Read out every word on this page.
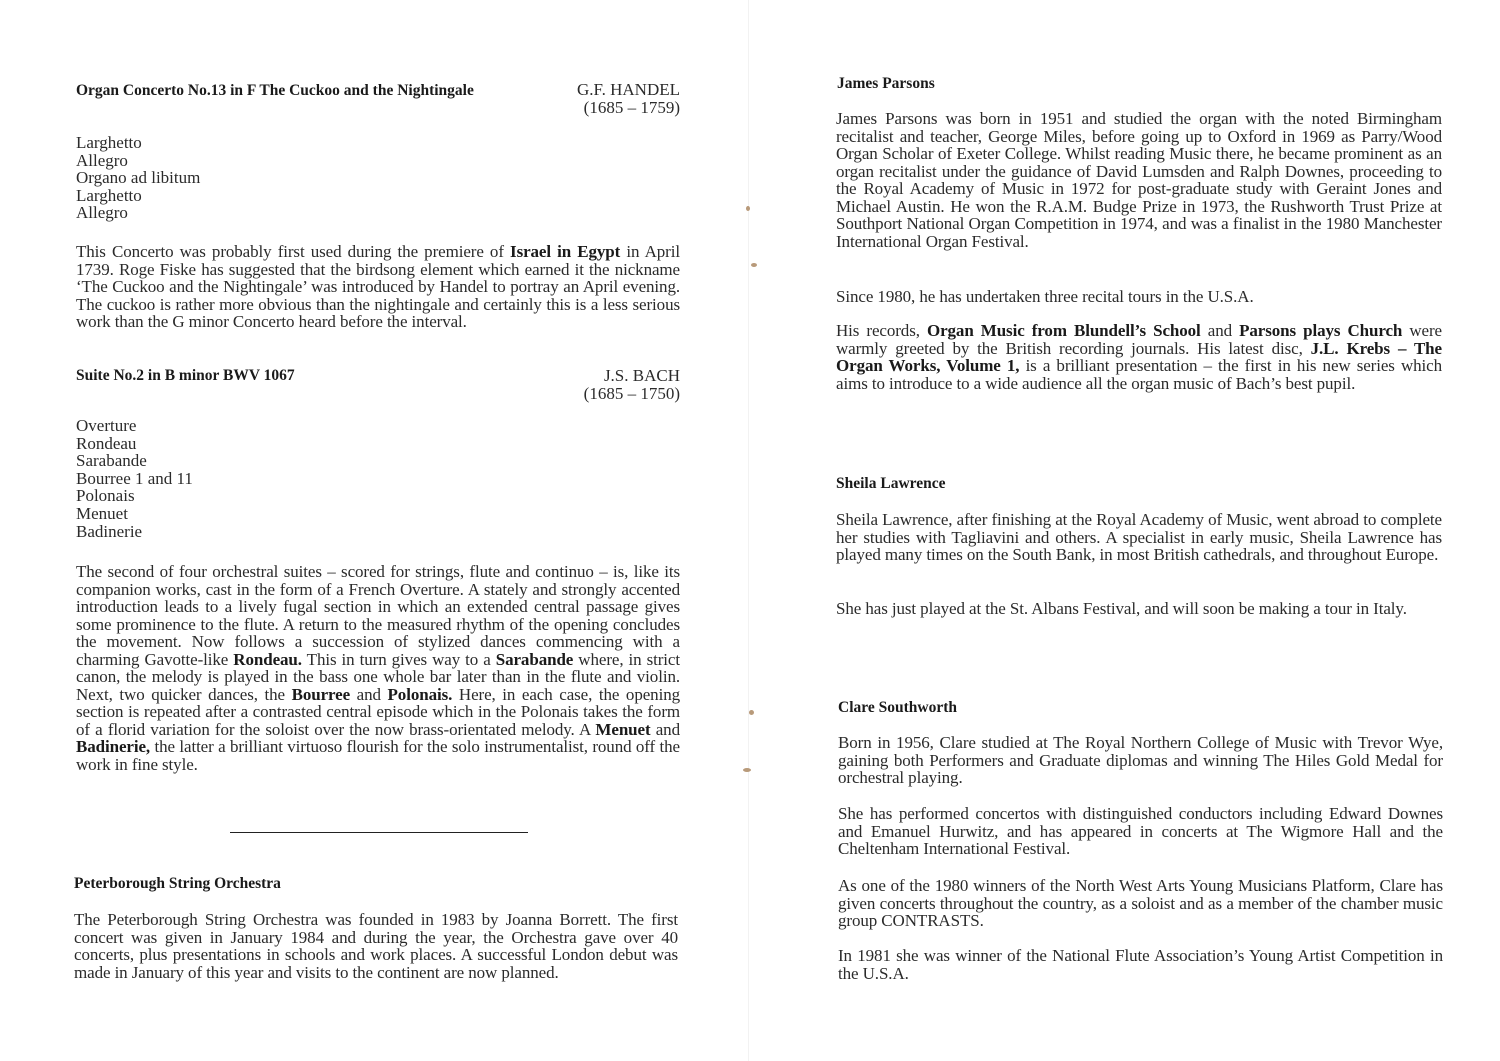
Organ Concerto No.13 in F The Cuckoo and the Nightingale	G.F. HANDEL
(1685 – 1759)
Larghetto
Allegro
Organo ad libitum
Larghetto
Allegro
This Concerto was probably first used during the premiere of Israel in Egypt in April 1739. Roge Fiske has suggested that the birdsong element which earned it the nickname ‘The Cuckoo and the Nightingale’ was introduced by Handel to portray an April evening. The cuckoo is rather more obvious than the nightingale and certainly this is a less serious work than the G minor Concerto heard before the interval.
Suite No.2 in B minor BWV 1067	J.S. BACH
(1685 – 1750)
Overture
Rondeau
Sarabande
Bourree 1 and 11
Polonais
Menuet
Badinerie
The second of four orchestral suites – scored for strings, flute and continuo – is, like its companion works, cast in the form of a French Overture. A stately and strongly accented introduction leads to a lively fugal section in which an extended central passage gives some prominence to the flute. A return to the measured rhythm of the opening concludes the movement. Now follows a succession of stylized dances commencing with a charming Gavotte-like Rondeau. This in turn gives way to a Sarabande where, in strict canon, the melody is played in the bass one whole bar later than in the flute and violin. Next, two quicker dances, the Bourree and Polonais. Here, in each case, the opening section is repeated after a contrasted central episode which in the Polonais takes the form of a florid variation for the soloist over the now brass-orientated melody. A Menuet and Badinerie, the latter a brilliant virtuoso flourish for the solo instrumentalist, round off the work in fine style.
Peterborough String Orchestra
The Peterborough String Orchestra was founded in 1983 by Joanna Borrett. The first concert was given in January 1984 and during the year, the Orchestra gave over 40 concerts, plus presentations in schools and work places. A successful London debut was made in January of this year and visits to the continent are now planned.
James Parsons
James Parsons was born in 1951 and studied the organ with the noted Birmingham recitalist and teacher, George Miles, before going up to Oxford in 1969 as Parry/Wood Organ Scholar of Exeter College. Whilst reading Music there, he became prominent as an organ recitalist under the guidance of David Lumsden and Ralph Downes, proceeding to the Royal Academy of Music in 1972 for post-graduate study with Geraint Jones and Michael Austin. He won the R.A.M. Budge Prize in 1973, the Rushworth Trust Prize at Southport National Organ Competition in 1974, and was a finalist in the 1980 Manchester International Organ Festival.
Since 1980, he has undertaken three recital tours in the U.S.A.
His records, Organ Music from Blundell’s School and Parsons plays Church were warmly greeted by the British recording journals. His latest disc, J.L. Krebs – The Organ Works, Volume 1, is a brilliant presentation – the first in his new series which aims to introduce to a wide audience all the organ music of Bach’s best pupil.
Sheila Lawrence
Sheila Lawrence, after finishing at the Royal Academy of Music, went abroad to complete her studies with Tagliavini and others. A specialist in early music, Sheila Lawrence has played many times on the South Bank, in most British cathedrals, and throughout Europe.
She has just played at the St. Albans Festival, and will soon be making a tour in Italy.
Clare Southworth
Born in 1956, Clare studied at The Royal Northern College of Music with Trevor Wye, gaining both Performers and Graduate diplomas and winning The Hiles Gold Medal for orchestral playing.
She has performed concertos with distinguished conductors including Edward Downes and Emanuel Hurwitz, and has appeared in concerts at The Wigmore Hall and the Cheltenham International Festival.
As one of the 1980 winners of the North West Arts Young Musicians Platform, Clare has given concerts throughout the country, as a soloist and as a member of the chamber music group CONTRASTS.
In 1981 she was winner of the National Flute Association’s Young Artist Competition in the U.S.A.
